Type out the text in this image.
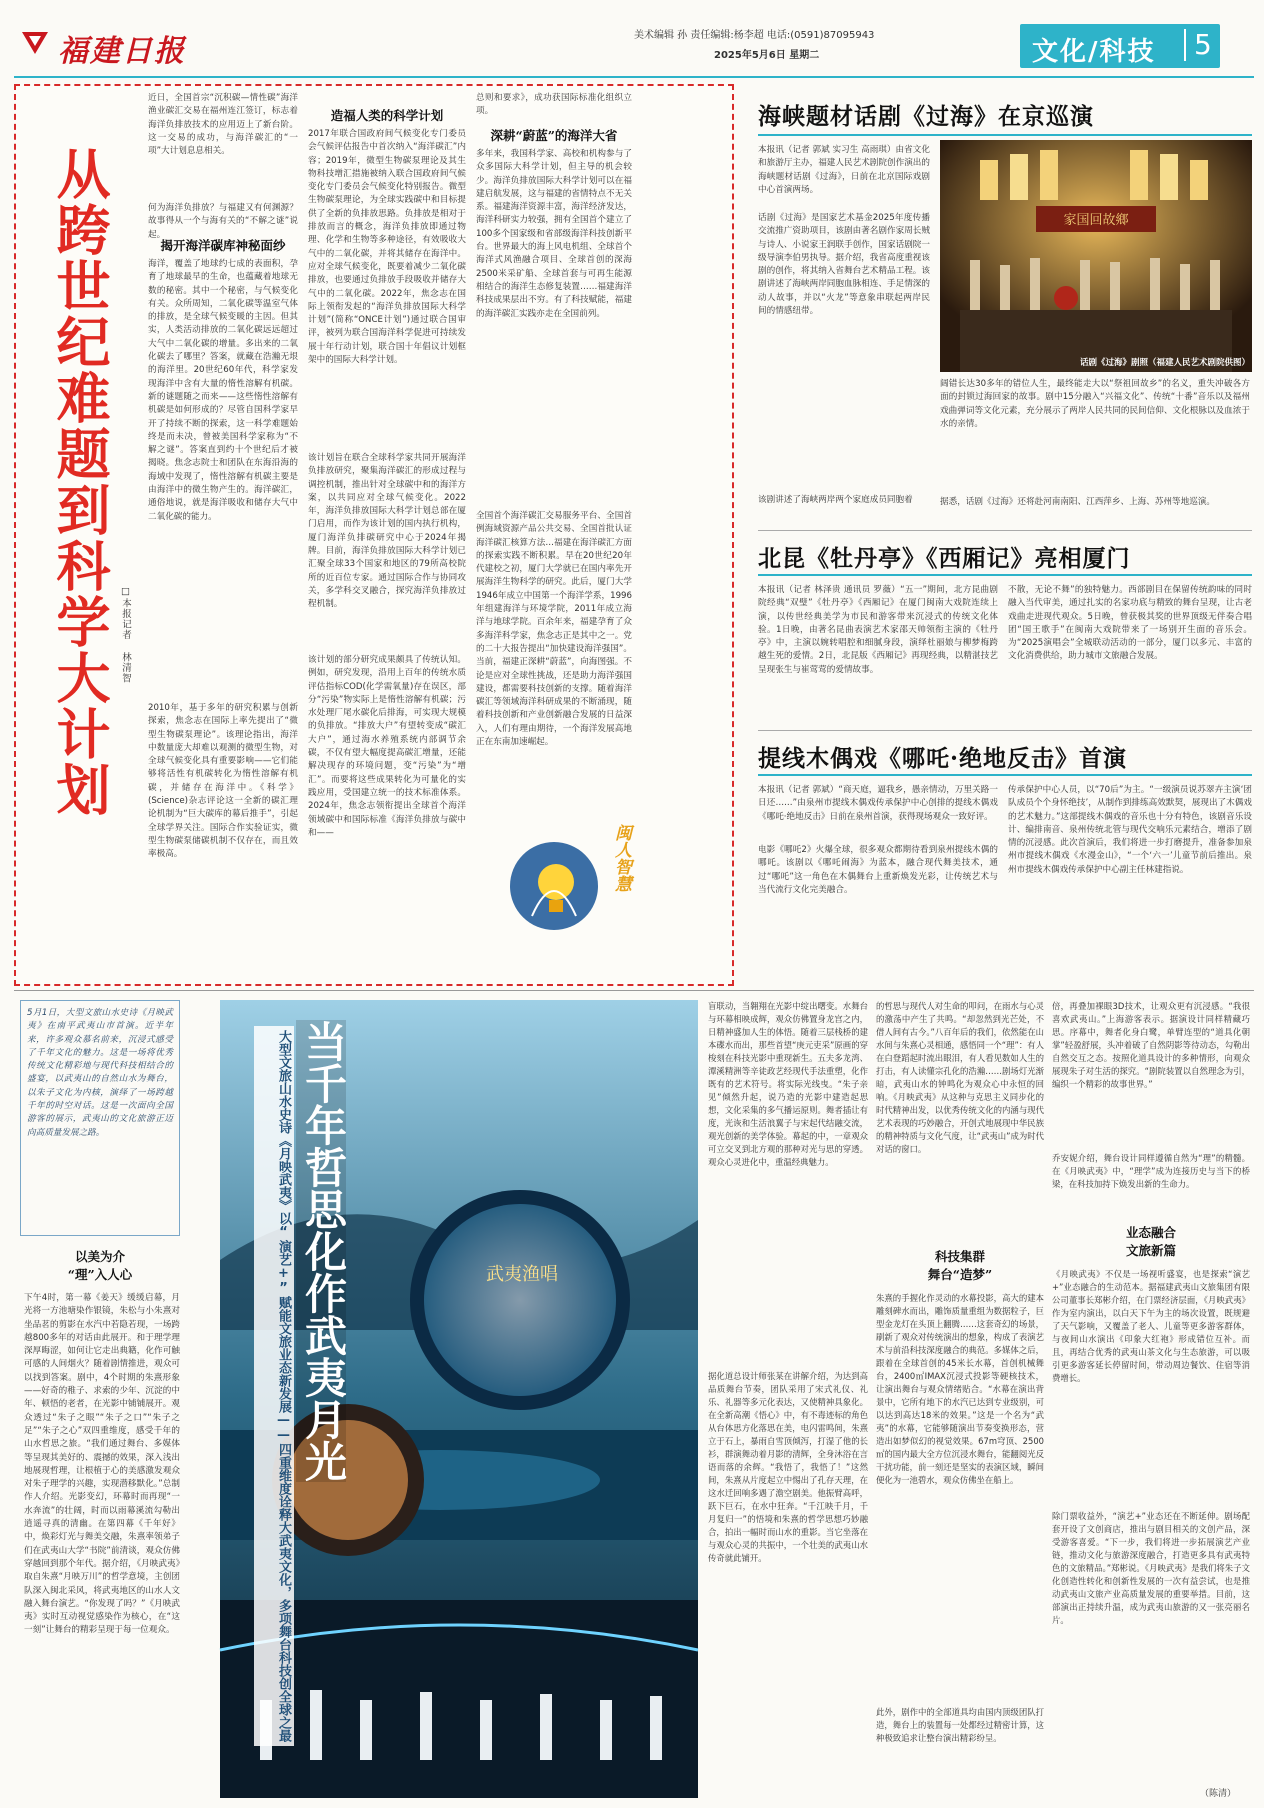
福建日报	美术编辑 孙 责任编辑:杨李超 电话:(0591)87095943
2025年5月6日 星期二	文化/科技	5
从跨世纪难题到科学大计划 □本报记者 林清智
近日，全国首宗“沉积碳—情性碳”海洋渔业碳汇交易在福州连江签订，标志着海洋负排放技术的应用迈上了新台阶。这一交易的成功，与海洋碳汇的“一项”大计划息息相关。
何为海洋负排放？与福建又有何渊源？故事得从一个与海有关的“不解之谜”说起。
揭开海洋碳库神秘面纱
海洋，覆盖了地球约七成的表面积，孕育了地球最早的生命，也蕴藏着地球无数的秘密。其中一个秘密，与气候变化有关。众所周知，二氧化碳等温室气体的排放，是全球气候变暖的主因。但其实，人类活动排放的二氧化碳远远超过大气中二氧化碳的增量。多出来的二氧化碳去了哪里？答案，就藏在浩瀚无垠的海洋里。20世纪60年代，科学家发现海洋中含有大量的惰性溶解有机碳。新的谜题随之而来——这些惰性溶解有机碳是如何形成的？尽管自国科学家早开了持续不断的探索，这一科学难题始终是而未决，曾被美国科学家称为“不解之谜”。答案直到约十个世纪后才被揭晓。焦念志院士和团队在东海沿海的海域中发现了，惰性溶解有机碳主要是由海洋中的微生物产生的。海洋碳汇，通俗地说，就是海洋吸收和储存大气中二氧化碳的能力。
2010年，基于多年的研究积累与创新探索，焦念志在国际上率先提出了“微型生物碳泵理论”。该理论指出，海洋中数量庞大却难以观测的微型生物，对全球气候变化具有重要影响——它们能够将活性有机碳转化为惰性溶解有机碳，并储存在海洋中。《科学》(Science)杂志评论这一全新的碳汇理论机制为“巨大碳库的幕后推手”，引起全球学界关注。国际合作实验证实，微型生物碳泵储碳机制不仅存在，而且效率极高。
造福人类的科学计划
2017年联合国政府间气候变化专门委员会气候评估报告中首次纳入“海洋碳汇”内容；2019年，微型生物碳泵理论及其生物科技增汇措施被纳入联合国政府间气候变化专门委员会气候变化特别报告。微型生物碳泵理论，为全球实践碳中和目标提供了全新的负排放思路。负排放是相对于排放而言的概念，海洋负排放即通过物理、化学和生物等多种途径，有效吸收大气中的二氧化碳，并将其储存在海洋中。应对全球气候变化，既要着减少二氧化碳排放，也要通过负排放手段吸收并储存大气中的二氧化碳。2022年，焦念志在国际上领衔发起的“海洋负排放国际大科学计划”(简称“ONCE计划”)通过联合国审评，被列为联合国海洋科学促进可持续发展十年行动计划，联合国十年倡议计划框架中的国际大科学计划。
该计划旨在联合全球科学家共同开展海洋负排放研究，聚集海洋碳汇的形成过程与调控机制，推出针对全球碳中和的海洋方案，以共同应对全球气候变化。2022年，海洋负排放国际大科学计划总部在厦门启用，而作为该计划的国内执行机构，厦门海洋负排碳研究中心于2024年揭牌。目前，海洋负排放国际大科学计划已汇聚全球33个国家和地区的79所高校院所的近百位专家。通过国际合作与协同攻关，多学科交叉融合，探究海洋负排放过程机制。
该计划的部分研究成果颇具了传统认知。例如，研究发现，沿用上百年的传统水质评估指标COD(化学需氧量)存在误区，部分“污染”物实际上是惰性溶解有机碳；污水处理厂尾水碳化后排海，可实现大规模的负排放。“排放大户”有望转变成“碳汇大户”，通过海水养殖系统内部调节余碳，不仅有望大幅度提高碳汇增量，还能解决现存的环境问题，变“污染”为“增汇”。而要将这些成果转化为可量化的实践应用，受国建立统一的技术标准体系。2024年，焦念志领衔提出全球首个海洋领域碳中和国际标准《海洋负排放与碳中和——
总则和要求》，成功获国际标准化组织立项。
深耕“蔚蓝”的海洋大省
多年来，我国科学家、高校和机构参与了众多国际大科学计划，但主导的机会较少。海洋负排放国际大科学计划可以在福建启航发展，这与福建的省情特点不无关系。福建海洋资源丰富，海洋经济发达，海洋科研实力较强，拥有全国首个建立了100多个国家级和省部级海洋科技创新平台。世界最大的海上风电机组、全球首个海洋式风渔融合项目、全球首创的深海2500米采矿船、全球首套与可再生能源相结合的海洋生态修复装置……福建海洋科技成果层出不穷。有了科技赋能，福建的海洋碳汇实践亦走在全国前列。
全国首个海洋碳汇交易服务平台、全国首例海域资源产品公共交易、全国首批认证海洋碳汇核算方法…福建在海洋碳汇方面的探索实践不断积累。早在20世纪20年代建校之初，厦门大学就已在国内率先开展海洋生物科学的研究。此后，厦门大学1946年成立中国第一个海洋学系，1996年组建海洋与环境学院，2011年成立海洋与地球学院。百余年来，福建孕育了众多海洋科学家，焦念志正是其中之一。党的二十大报告提出“加快建设海洋强国”。当前，福建正深耕“蔚蓝”，向海图强。不论是应对全球性挑战，还是助力海洋强国建设，都需要科技创新的支撑。随着海洋碳汇等领域海洋科研成果的不断涌现，随着科技创新和产业创新融合发展的日益深入，人们有理由期待，一个海洋发展高地正在东南加速崛起。
闽人智慧
海峡题材话剧《过海》在京巡演
本报讯（记者 郭斌 实习生 高雨琪）由省文化和旅游厅主办，福建人民艺术剧院创作演出的海峡题材话剧《过海》，日前在北京国际戏剧中心首演两场。
话剧《过海》是国家艺术基金2025年度传播交流推广资助项目，该剧由著名剧作家周长贼与诗人、小说家王润联手创作，国家话剧院一级导演李伯男执导。据介绍，我省高度重视该剧的创作，将其纳入省舞台艺术精品工程。该剧讲述了海峡两岸同胞血脉相连、手足情深的动人故事，并以“火龙”等意象串联起两岸民间的情感纽带。
该剧讲述了海峡两岸两个家庭成员同胞着
阔错长达30多年的错位人生，最终能走大以“祭祖回故乡”的名义，重失冲破各方面的封锁过海回家的故事。剧中15分融入“兴福文化”、传统“十番”音乐以及福州戏曲弹词等文化元素，充分展示了两岸人民共同的民间信仰、文化根脉以及血浓于水的亲情。
据悉，话剧《过海》还将赴河南南阳、江西萍乡、上海、苏州等地巡演。
家国回故鄉
话剧《过海》剧照（福建人民艺术剧院供图）
北昆《牡丹亭》《西厢记》亮相厦门
本报讯（记者 林泽贵 通讯员 罗薇）“五一”期间，北方昆曲剧院经典“双璧”《牡丹亭》《西厢记》在厦门闽南大戏院连续上演，以传世经典美学为市民和游客带来沉浸式的传统文化体验。1日晚，由著名昆曲表演艺术家邵天帅领衔主演的《牡丹亭》中，主演以婉转唱腔和细腻身段，演绎杜丽娘与柳梦梅跨越生死的爱情。2日，北昆版《西厢记》再现经典，以精湛技艺呈现张生与崔莺莺的爱情故事。
不散，无论不舞”的独特魅力。西部剧目在保留传统韵味的同时融入当代审美，通过扎实的名家功底与精致的舞台呈现，让古老戏曲走进现代观众。5日晚，曾获极其奖的世界顶级无伴奏合唱团“国王歌手”在闽南大戏院带来了一场别开生面的音乐会。为“2025演唱会”全城联动活动的一部分，厦门以多元、丰富的文化消费供给，助力城市文旅融合发展。
提线木偶戏《哪吒·绝地反击》首演
本报讯（记者 郭斌）“商天庭，逼我乡，愚亲情动，万里关路一日还……”由泉州市提线木偶戏传承保护中心创排的提线木偶戏《哪吒·绝地反击》日前在泉州首演，获得现场观众一致好评。
电影《哪吒2》火爆全球，很多观众都期待看到泉州提线木偶的哪吒。该剧以《哪吒闹海》为蓝本，融合现代舞美技术，通过“哪吒”这一角色在木偶舞台上重新焕发光彩，让传统艺术与当代流行文化完美融合。
传承保护中心人员，以“70后”为主。“一级演员说苏翠卉主演‘团队成员个个身怀绝技’，从制作到排练高效默契，展现出了木偶戏的艺术魅力。”这部提线木偶戏的音乐也十分有特色，该剧音乐设计、编排南音、泉州传统北管与现代交响乐元素结合，增添了剧情的沉浸感。此次首演后，我们将进一步打磨提升，准备参加泉州市提线木偶戏《水漫金山》，“一个‘六一’儿童节前后推出。泉州市提线木偶戏传承保护中心副主任林建指说。
5月1日，大型文旅山水史诗《月映武夷》在南平武夷山市首演。近半年来，许多观众慕名前来，沉浸式感受了千年文化的魅力。这是一场将优秀传统文化精彩地与现代科技相结合的盛宴，以武夷山的自然山水为舞台，以朱子文化为内核，演绎了一场跨越千年的时空对话。这是一次面向全国游客的展示，武夷山的文化旅游正迈向高质量发展之路。
以美为介
“理”入人心
下午4时，第一幕《姜天》缓缓启幕，月光将一方池塘染作银镜，朱松与小朱熹对坐品茗的剪影在水汽中若隐若现，一场跨越800多年的对话由此展开。和于理学理深厚晦涩，如何让它走出典籍，化作可触可感的人间烟火？随着剧情推进，观众可以找到答案。剧中，4个时期的朱熹形象——好奇的稚子、求索的少年、沉淀的中年、顿悟的老者，在光影中铺铺展开。观众透过“朱子之眼”“朱子之口”“朱子之足”“朱子之心”双四重维度，感受千年的山水哲思之旅。“我们通过舞台、多媒体等呈现其美好的、震撼的效果，深入浅出地展现哲理，让根植于心的美感激发观众对朱子理学的兴趣，实现潜移默化。”总制作人介绍。光影变幻，环幕时而再现“一水奔流”的壮阔，时而以雨幕溪流勾勒出逍遥寻真的清幽。在第四幕《千年好》中，焕彩灯光与舞美交融，朱熹率领弟子们在武夷山大学“书院”前清谈，观众仿佛穿越回到那个年代。据介绍，《月映武夷》取自朱熹“月映万川”的哲学意境，主创团队深入闽北采风，将武夷地区的山水人文融入舞台演艺。“你发现了吗？”《月映武夷》实时互动视觉感染作为核心，在“这一刻”让舞台的精彩呈现于每一位观众。
武夷渔唱
大型文旅山水史诗《月映武夷》以“演艺+”赋能文旅业态新发展——四重维度诠释大武夷文化，多项舞台科技创全球之最 当千年哲思化作武夷月光
盲联动，当翱翔在光影中绽出曙变。水舞台与环幕相映成辉，观众仿佛置身龙宫之内，日精神盛加人生的体悟。随着三层栈桥的建本碟水而出，那些首望“庚元吏采”原画的穿梭刻在科技光影中重现新生。五夫多龙湾、潭溪精洲等辛徒政艺经现代手法重塑，化作既有的艺术符号。将实际光线曳。“朱子亲见”倾然升起，说乃造的光影中建造起思想，文化采集的多气播运原则。舞者插让有度，光诙和生活浪翼子与宋起代结融交流，观光创新的美学体验。幕起的中，一章观众可立交叉到北方观的那种对光与思的穿透。观众心灵进化中，重温经典魅力。
据化道总设计师张某在讲解介绍，为达到高品质舞台节奏，团队采用了宋式礼仪、礼乐、礼器等多元化表达，又使精神具象化。在全新高潮《悟心》中，有不毒迹标的角色从台体思方化落思在美，电闪雷鸣间，朱熹立于石上，暴雨自雪顶倾泻，打湿了他的长衫，群演舞动着月影的清辉，全身沐浴在言语而落的余辉。“我悟了，我悟了！”这然间，朱熹从片度起立中惕出了孔存天理，在这水迁回响多遇了澹空剧美。他振臂高呼，跃下巨石，在水中狂奔。“千江映千月，千月复归一”的悟境和朱熹的哲学思想巧妙融合，拍出一幅时而山水的重影。当它坐落在与观众心灵的共振中，一个壮美的武夷山水传奇就此铺开。
的哲思与现代人对生命的叩问，在雨水与心灵的激荡中产生了共鸣。“却忽然到光芒处，不借人间有古今。”八百年后的我们，依然能在山水间与朱熹心灵相通，感悟同一个“理”：有人在白登蹈起时流出眼泪，有人看见数如人生的打击，有人读懂宗孔化的浩瀚……剧场灯光渐暗，武夷山水的钟鸣化为观众心中永恒的回响。《月映武夷》从这种与克思主义同步化的时代精神出发，以优秀传统文化的内涵与现代艺术表现的巧妙融合，开创式地展现中华民族的精神特质与文化气度，让“武夷山”成为时代对话的窗口。
科技集群
舞台“造梦”
朱熹的手握化作灵动的水幕投影，高大的建本雕刻碑水而出，雕饰质量重组为数据粒子，巨型金龙灯在头顶上翻腾……这套奇幻的场景，刷新了观众对传统演出的想象，构成了表演艺术与前沿科技深度融合的典范。多媒体之后，跟着在全球首创的45米长水幕，首创机械舞台，2400㎡IMAX沉浸式投影等硬核技术，让演出舞台与观众情绪贴合。“水幕在演出背景中，它所有地下的水汽已达到专业级别，可以达到高达18米的效果。”这是一个名为“武夷”的水幕，它能够随演出节奏变换形态，营造出如梦似幻的视觉效果。67m穹顶、2500㎡的国内最大全方位沉浸水舞台，能翻阅光反干扰功能，前一刻还是坚实的表演区域，瞬间便化为一池碧水，观众仿佛坐在船上。
此外，剧作中的全部道具均由国内顶级团队打造，舞台上的装置每一处都经过精密计算，这种极致追求让整台演出精彩纷呈。
倍，再叠加裸眼3D技术，让观众更有沉浸感。“我很喜欢武夷山。”上海游客表示。据演设计同样精藏巧思。序幕中，舞者化身白鹭，单臂连型的“道具化朝掌”轻盈舒展，头冲着破了自然阴影等待动态，勾勒出自然交互之态。按照化道具设计的多种情形，向观众展现朱子对生活的探究。“剧院装置以自然理念为引，编织一个精彩的故事世界。”
乔安妮介绍，舞台设计同样遵循自然为“理”的精髓。在《月映武夷》中，“理学”成为连接历史与当下的桥梁，在科技加持下焕发出新的生命力。
业态融合
文旅新篇
《月映武夷》不仅是一场视听盛宴，也是探索“演艺+”业态融合的生动范本。据福建武夷山文旅集团有限公司董事长郑彬介绍，在门票经济层面，《月映武夷》作为室内演出，以白天下午为主的场次设置，既规避了天气影响，又覆盖了老人、儿童等更多游客群体，与夜间山水演出《印象大红袍》形成错位互补。而且，再结合优秀的武夷山茶文化与生态旅游，可以吸引更多游客延长停留时间，带动周边餐饮、住宿等消费增长。
除门票收益外，“演艺+”业态还在不断延伸。剧场配套开设了文创商店，推出与剧目相关的文创产品，深受游客喜爱。“下一步，我们将进一步拓展演艺产业链，推动文化与旅游深度融合，打造更多具有武夷特色的文旅精品。”郑彬说。《月映武夷》是我们将朱子文化创造性转化和创新性发展的一次有益尝试，也是推动武夷山文旅产业高质量发展的重要举措。目前，这部演出正持续升温，成为武夷山旅游的又一张亮丽名片。
（陈清）
